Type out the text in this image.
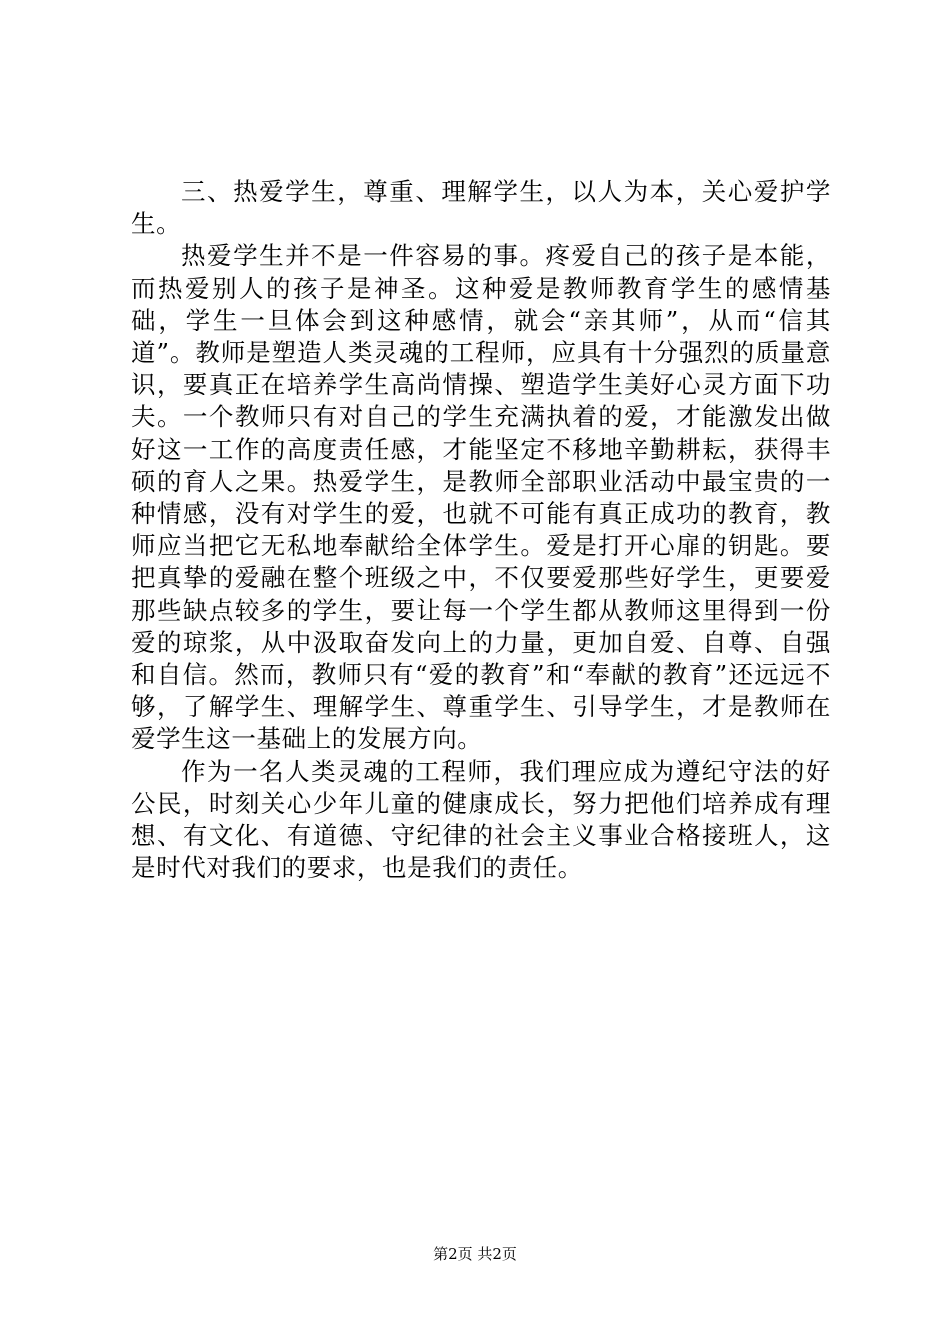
三、热爱学生，尊重、理解学生，以人为本，关心爱护学生。

热爱学生并不是一件容易的事。疼爱自己的孩子是本能，而热爱别人的孩子是神圣。这种爱是教师教育学生的感情基础，学生一旦体会到这种感情，就会“亲其师”，从而“信其道”。教师是塑造人类灵魂的工程师，应具有十分强烈的质量意识，要真正在培养学生高尚情操、塑造学生美好心灵方面下功夫。一个教师只有对自己的学生充满执着的爱，才能激发出做好这一工作的高度责任感，才能坚定不移地辛勤耕耘，获得丰硕的育人之果。热爱学生，是教师全部职业活动中最宝贵的一种情感，没有对学生的爱，也就不可能有真正成功的教育，教师应当把它无私地奉献给全体学生。爱是打开心扉的钥匙。要把真挚的爱融在整个班级之中，不仅要爱那些好学生，更要爱那些缺点较多的学生，要让每一个学生都从教师这里得到一份爱的琼浆，从中汲取奋发向上的力量，更加自爱、自尊、自强和自信。然而，教师只有“爱的教育”和“奉献的教育”还远远不够，了解学生、理解学生、尊重学生、引导学生，才是教师在爱学生这一基础上的发展方向。

作为一名人类灵魂的工程师，我们理应成为遵纪守法的好公民，时刻关心少年儿童的健康成长，努力把他们培养成有理想、有文化、有道德、守纪律的社会主义事业合格接班人，这是时代对我们的要求，也是我们的责任。

第2页 共2页
